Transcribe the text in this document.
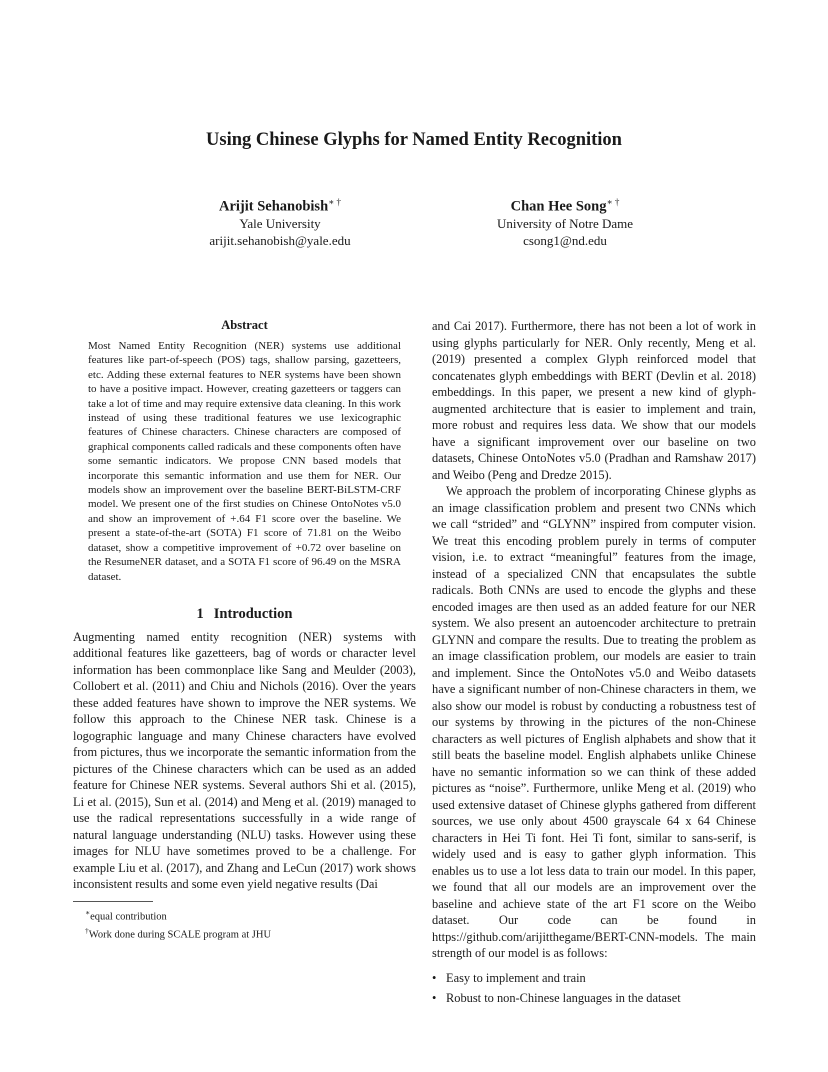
Using Chinese Glyphs for Named Entity Recognition
Arijit Sehanobish∗ †
Yale University
arijit.sehanobish@yale.edu
Chan Hee Song∗ †
University of Notre Dame
csong1@nd.edu
Abstract

Most Named Entity Recognition (NER) systems use additional features like part-of-speech (POS) tags, shallow parsing, gazetteers, etc. Adding these external features to NER systems have been shown to have a positive impact. However, creating gazetteers or taggers can take a lot of time and may require extensive data cleaning. In this work instead of using these traditional features we use lexicographic features of Chinese characters. Chinese characters are composed of graphical components called radicals and these components often have some semantic indicators. We propose CNN based models that incorporate this semantic information and use them for NER. Our models show an improvement over the baseline BERT-BiLSTM-CRF model. We present one of the first studies on Chinese OntoNotes v5.0 and show an improvement of +.64 F1 score over the baseline. We present a state-of-the-art (SOTA) F1 score of 71.81 on the Weibo dataset, show a competitive improvement of +0.72 over baseline on the ResumeNER dataset, and a SOTA F1 score of 96.49 on the MSRA dataset.

1 Introduction

Augmenting named entity recognition (NER) systems with additional features like gazetteers, bag of words or character level information has been commonplace like Sang and Meulder (2003), Collobert et al. (2011) and Chiu and Nichols (2016). Over the years these added features have shown to improve the NER systems. We follow this approach to the Chinese NER task. Chinese is a logographic language and many Chinese characters have evolved from pictures, thus we incorporate the semantic information from the pictures of the Chinese characters which can be used as an added feature for Chinese NER systems. Several authors Shi et al. (2015), Li et al. (2015), Sun et al. (2014) and Meng et al. (2019) managed to use the radical representations successfully in a wide range of natural language understanding (NLU) tasks. However using these images for NLU have sometimes proved to be a challenge. For example Liu et al. (2017), and Zhang and LeCun (2017) work shows inconsistent results and some even yield negative results (Dai

∗equal contribution

†Work done during SCALE program at JHU

and Cai 2017). Furthermore, there has not been a lot of work in using glyphs particularly for NER. Only recently, Meng et al. (2019) presented a complex Glyph reinforced model that concatenates glyph embeddings with BERT (Devlin et al. 2018) embeddings. In this paper, we present a new kind of glyph-augmented architecture that is easier to implement and train, more robust and requires less data. We show that our models have a significant improvement over our baseline on two datasets, Chinese OntoNotes v5.0 (Pradhan and Ramshaw 2017) and Weibo (Peng and Dredze 2015).

We approach the problem of incorporating Chinese glyphs as an image classification problem and present two CNNs which we call “strided” and “GLYNN” inspired from computer vision. We treat this encoding problem purely in terms of computer vision, i.e. to extract “meaningful” features from the image, instead of a specialized CNN that encapsulates the subtle radicals. Both CNNs are used to encode the glyphs and these encoded images are then used as an added feature for our NER system. We also present an autoencoder architecture to pretrain GLYNN and compare the results. Due to treating the problem as an image classification problem, our models are easier to train and implement. Since the OntoNotes v5.0 and Weibo datasets have a significant number of non-Chinese characters in them, we also show our model is robust by conducting a robustness test of our systems by throwing in the pictures of the non-Chinese characters as well pictures of English alphabets and show that it still beats the baseline model. English alphabets unlike Chinese have no semantic information so we can think of these added pictures as “noise”. Furthermore, unlike Meng et al. (2019) who used extensive dataset of Chinese glyphs gathered from different sources, we use only about 4500 grayscale 64 x 64 Chinese characters in Hei Ti font. Hei Ti font, similar to sans-serif, is widely used and is easy to gather glyph information. This enables us to use a lot less data to train our model. In this paper, we found that all our models are an improvement over the baseline and achieve state of the art F1 score on the Weibo dataset. Our code can be found in https://github.com/arijitthegame/BERT-CNN-models. The main strength of our model is as follows:

• Easy to implement and train
• Robust to non-Chinese languages in the dataset
